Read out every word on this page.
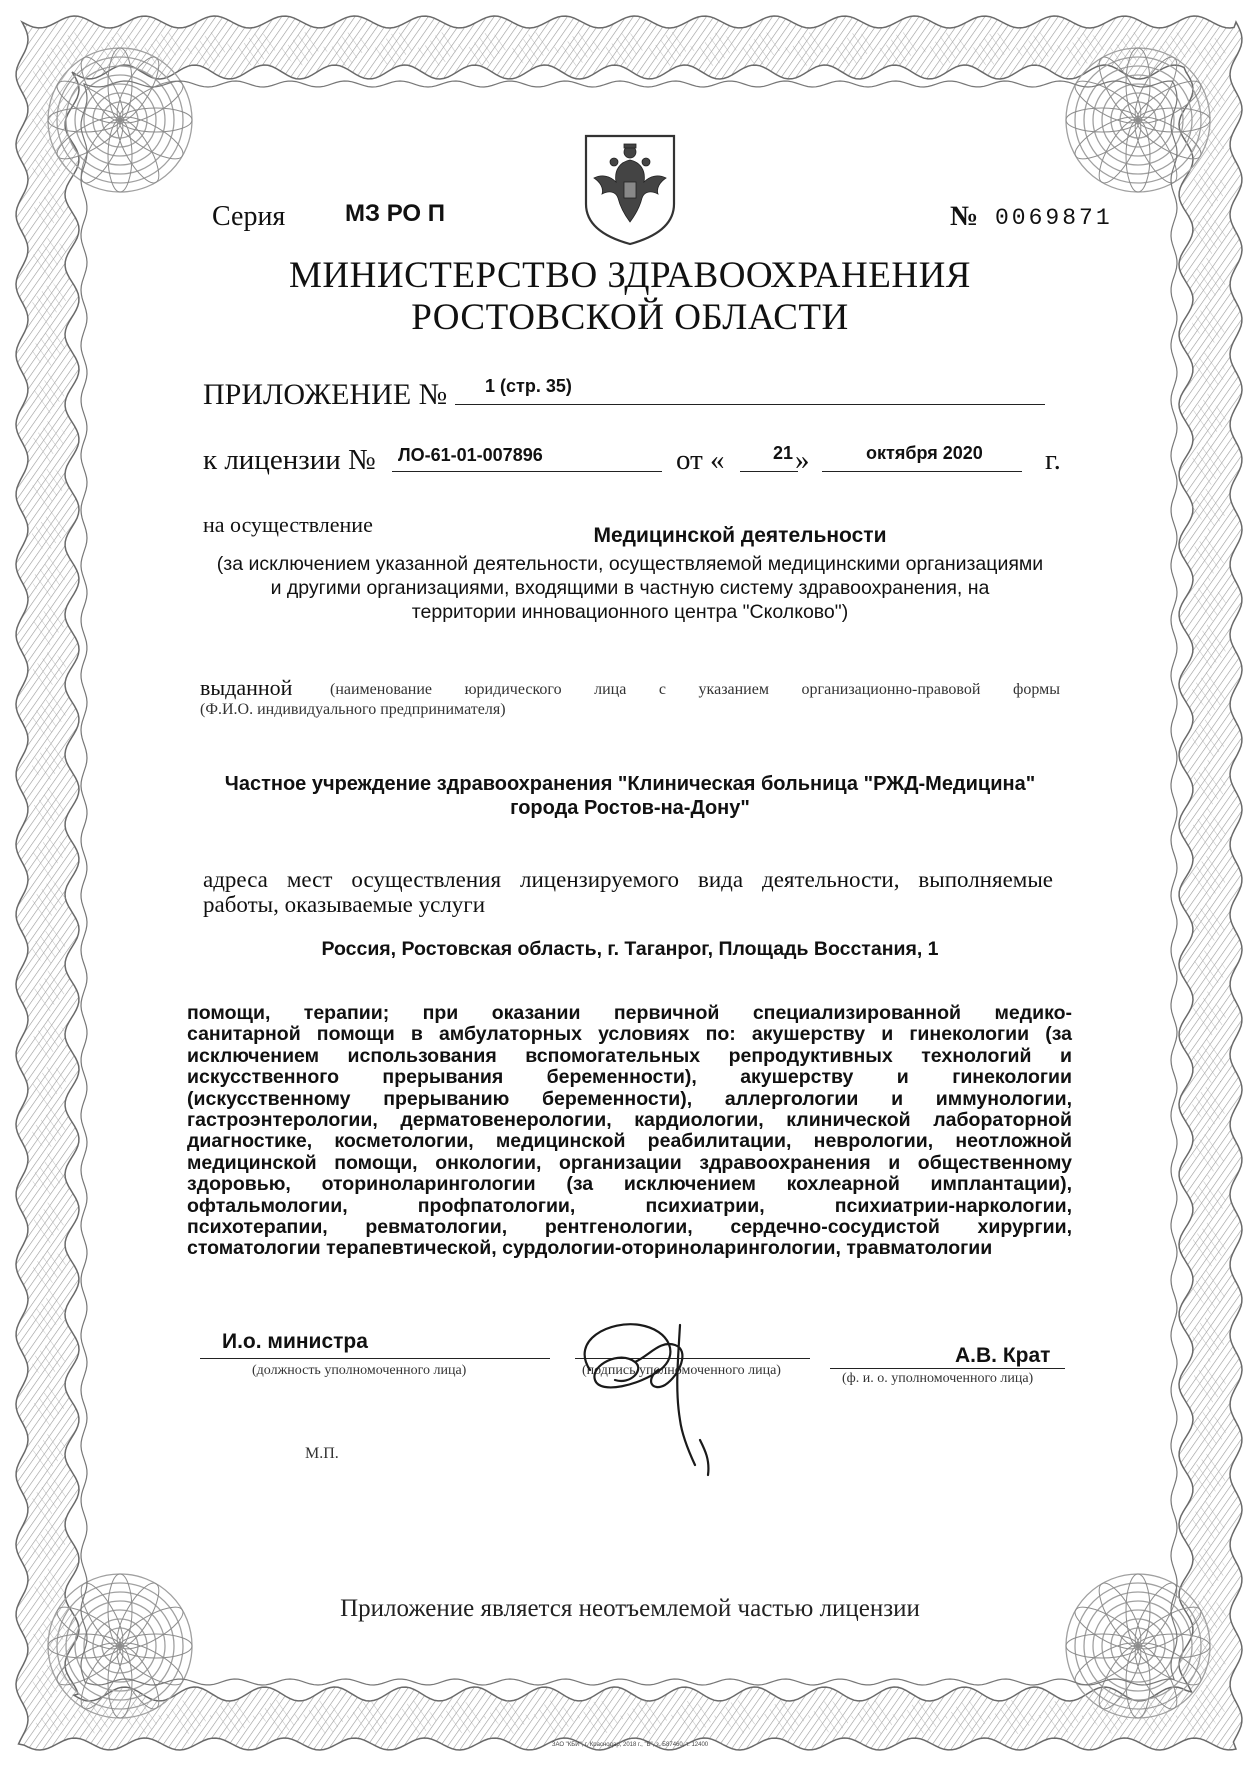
Серия МЗ РО П	№ 0069871
МИНИСТЕРСТВО ЗДРАВООХРАНЕНИЯ
РОСТОВСКОЙ ОБЛАСТИ
ПРИЛОЖЕНИЕ № 1 (стр. 35)
к лицензии № ЛО-61-01-007896	от «	21 »	октября 2020 г.
на осуществление	Медицинской деятельности
(за исключением указанной деятельности, осуществляемой медицинскими организациями
и другими организациями, входящими в частную систему здравоохранения, на
территории инновационного центра "Сколково")
выданной (наименование юридического лица с указанием организационно-правовой формы
(Ф.И.О. индивидуального предпринимателя)
Частное учреждение здравоохранения "Клиническая больница "РЖД-Медицина"
города Ростов-на-Дону"
адреса мест осуществления лицензируемого вида деятельности, выполняемые
работы, оказываемые услуги
Россия, Ростовская область, г. Таганрог, Площадь Восстания, 1
помощи, терапии; при оказании первичной специализированной медико-
санитарной помощи в амбулаторных условиях по: акушерству и гинекологии (за
исключением использования вспомогательных репродуктивных технологий и
искусственного прерывания беременности), акушерству и гинекологии
(искусственному прерыванию беременности), аллергологии и иммунологии,
гастроэнтерологии, дерматовенерологии, кардиологии, клинической лабораторной
диагностике, косметологии, медицинской реабилитации, неврологии, неотложной
медицинской помощи, онкологии, организации здравоохранения и общественному
здоровью, оториноларингологии (за исключением кохлеарной имплантации),
офтальмологии, профпатологии, психиатрии, психиатрии-наркологии,
психотерапии, ревматологии, рентгенологии, сердечно-сосудистой хирургии,
стоматологии терапевтической, сурдологии-оториноларингологии, травматологии
И.о. министра
(должность уполномоченного лица)	(подпись уполномоченного лица)
А.В. Крат
(ф. и. о. уполномоченного лица)
М.П.
Приложение является неотъемлемой частью лицензии
ЗАО "КБИ", г. Краснодар, 2018 г., "Б", з. Б87460, т. 12400
